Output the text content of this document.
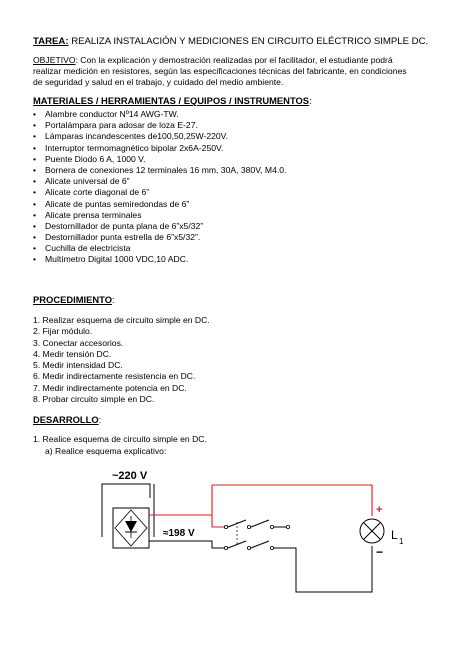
TAREA: REALIZA INSTALACIÓN Y MEDICIONES EN CIRCUITO ELÉCTRICO SIMPLE DC.
OBJETIVO: Con la explicación y demostración realizadas por el facilitador, el estudiante podrá
realizar medición en resistores, según las especificaciones técnicas del fabricante, en condiciones
de seguridad y salud en el trabajo, y cuidado del medio ambiente.
MATERIALES / HERRAMIENTAS / EQUIPOS / INSTRUMENTOS:
• Alambre conductor Nº14 AWG-TW.
• Portalámpara para adosar de loza E-27.
• Lámparas incandescentes de100,50,25W-220V.
• Interruptor termomagnético bipolar 2x6A-250V.
• Puente Diodo 6 A, 1000 V.
• Bornera de conexiones 12 terminales 16 mm, 30A, 380V, M4.0.
• Alicate universal de 6”
• Alicate corte diagonal de 6”
• Alicate de puntas semiredondas de 6”
• Alicate prensa terminales
• Destornillador de punta plana de 6”x5/32”
• Destornillador punta estrella de 6”x5/32”.
• Cuchilla de electricista
• Multímetro Digital 1000 VDC,10 ADC.
PROCEDIMIENTO:
1. Realizar esquema de circuito simple en DC.
2. Fijar módulo.
3. Conectar accesorios.
4. Medir tensión DC.
5. Medir intensidad DC.
6. Medir indirectamente resistencia en DC.
7. Medir indirectamente potencia en DC.
8. Probar circuito simple en DC.
DESARROLLO:
1. Realice esquema de circuito simple en DC.
a) Realice esquema explicativo:
~220 V
≈198 V
+
−
L 1
